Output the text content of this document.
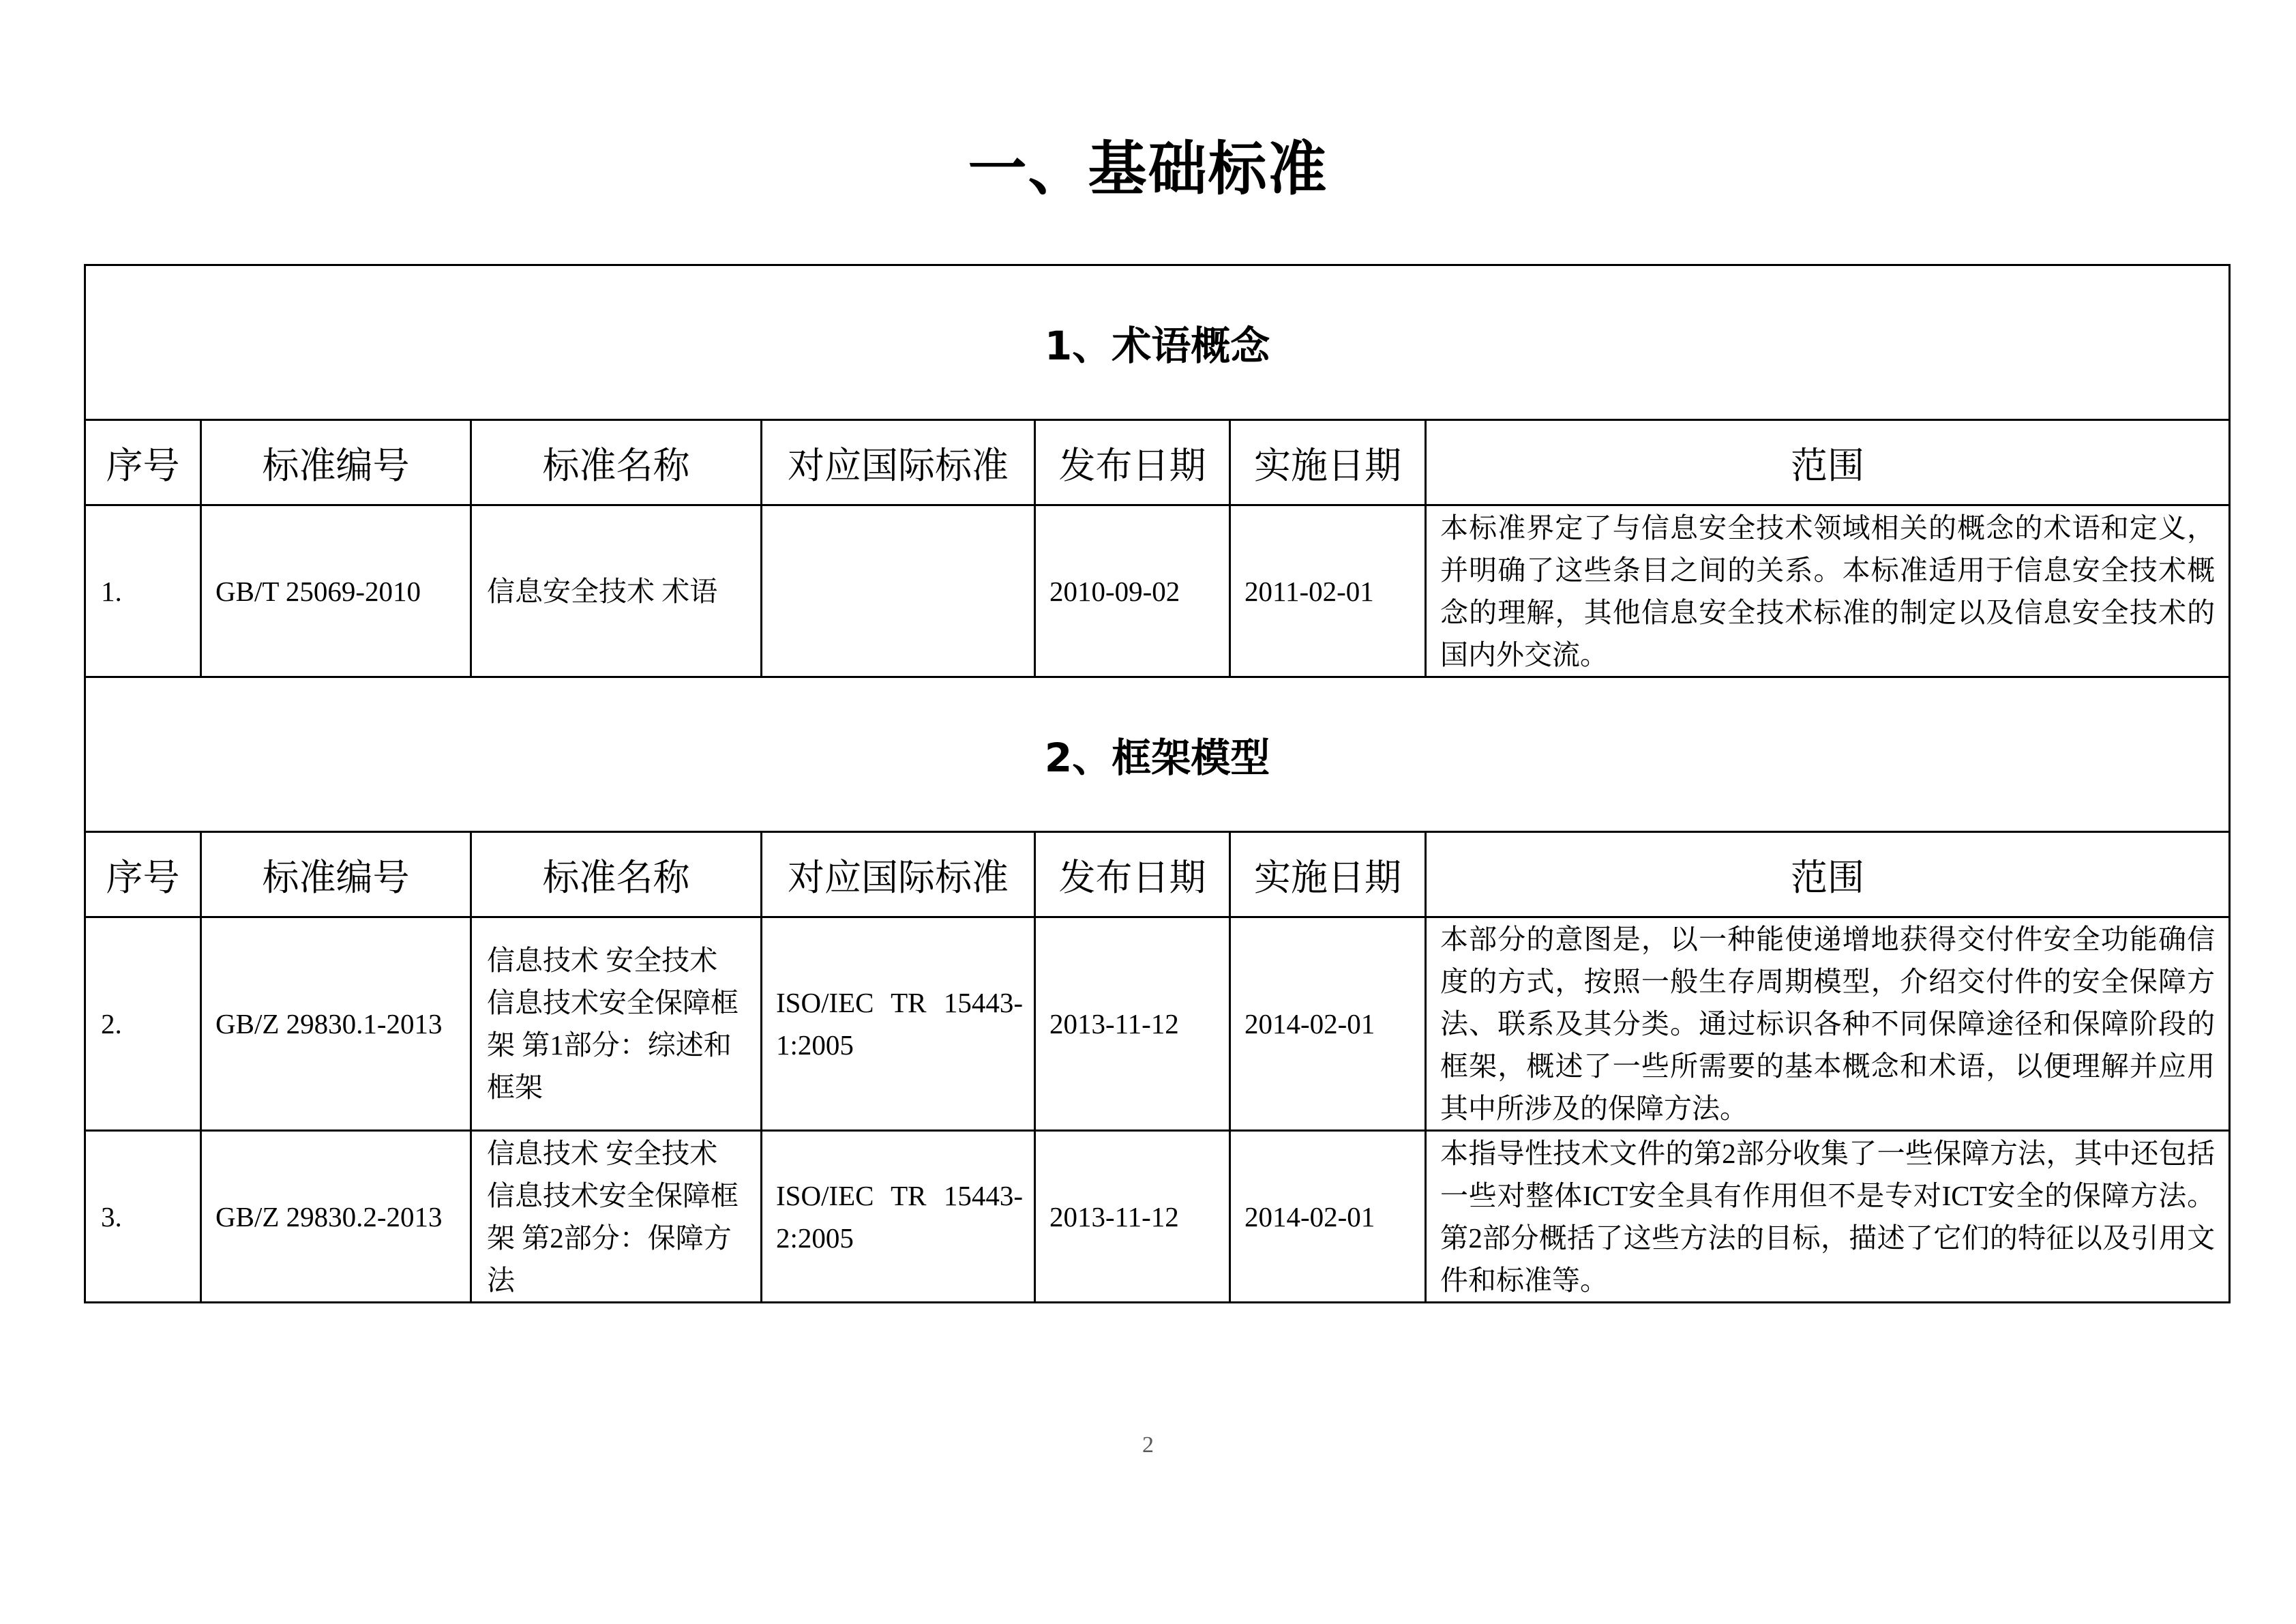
一、基础标准
1、术语概念						
序号	标准编号	标准名称	对应国际标准	发布日期	实施日期	范围
1.	GB/T 25069-2010	信息安全技术 术语		2010-09-02	2011-02-01	本标准界定了与信息安全技术领域相关的概念的术语和定义，并明确了这些条目之间的关系。本标准适用于信息安全技术概念的理解，其他信息安全技术标准的制定以及信息安全技术的国内外交流。
2、框架模型						
序号	标准编号	标准名称	对应国际标准	发布日期	实施日期	范围
2.	GB/Z 29830.1-2013	信息技术 安全技术 信息技术安全保障框架 第1部分：综述和框架	ISO/IEC TR 15443-1:2005	2013-11-12	2014-02-01	本部分的意图是，以一种能使递增地获得交付件安全功能确信度的方式，按照一般生存周期模型，介绍交付件的安全保障方法、联系及其分类。通过标识各种不同保障途径和保障阶段的框架，概述了一些所需要的基本概念和术语，以便理解并应用其中所涉及的保障方法。
3.	GB/Z 29830.2-2013	信息技术 安全技术 信息技术安全保障框架 第2部分：保障方法	ISO/IEC TR 15443-2:2005	2013-11-12	2014-02-01	本指导性技术文件的第2部分收集了一些保障方法，其中还包括一些对整体ICT安全具有作用但不是专对ICT安全的保障方法。第2部分概括了这些方法的目标，描述了它们的特征以及引用文件和标准等。
2
